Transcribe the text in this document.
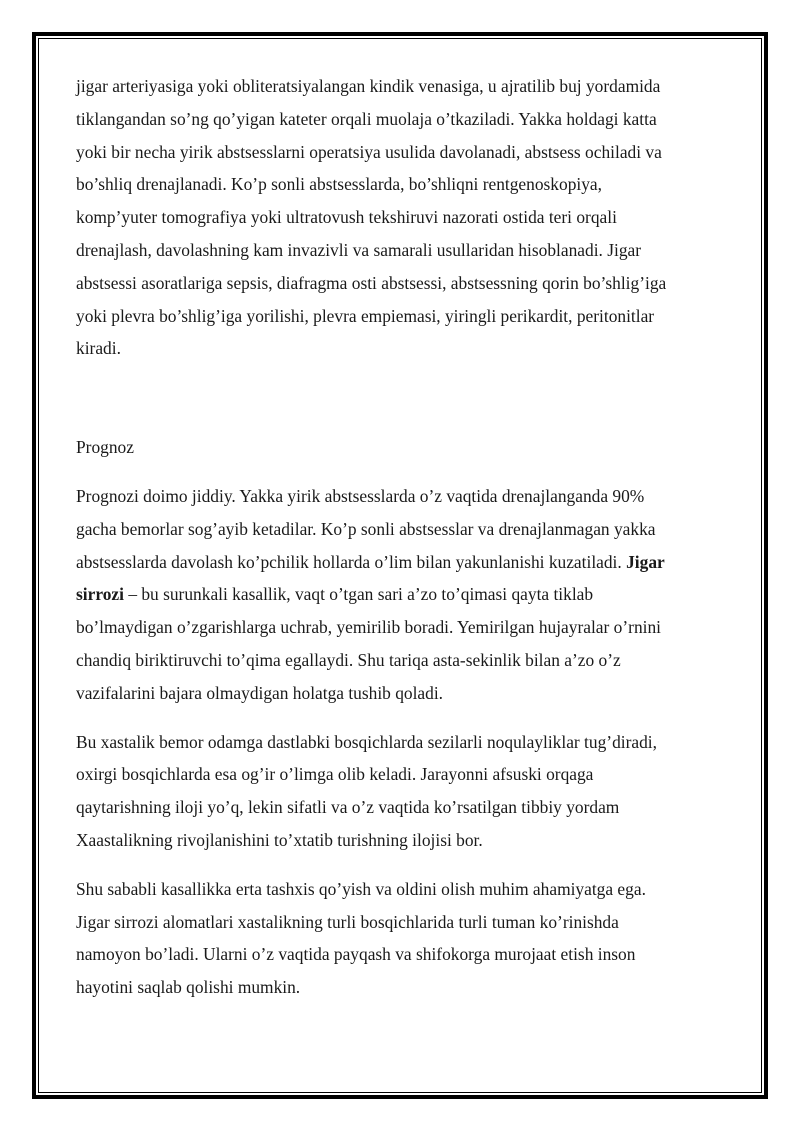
jigar arteriyasiga yoki obliteratsiyalangan kindik venasiga, u ajratilib buj yordamida
tiklangandan so’ng qo’yigan kateter orqali muolaja o’tkaziladi. Yakka holdagi katta
yoki bir necha yirik abstsesslarni operatsiya usulida davolanadi, abstsess ochiladi va
bo’shliq drenajlanadi. Ko’p sonli abstsesslarda, bo’shliqni rentgenoskopiya,
komp’yuter tomografiya yoki ultratovush tekshiruvi nazorati ostida teri orqali
drenajlash, davolashning kam invazivli va samarali usullaridan hisoblanadi. Jigar
abstsessi asoratlariga sepsis, diafragma osti abstsessi, abstsessning qorin bo’shlig’iga
yoki plevra bo’shlig’iga yorilishi, plevra empiemasi, yiringli perikardit, peritonitlar
kiradi.

Prognoz

Prognozi doimo jiddiy. Yakka yirik abstsesslarda o’z vaqtida drenajlanganda 90%
gacha bemorlar sog’ayib ketadilar. Ko’p sonli abstsesslar va drenajlanmagan yakka
abstsesslarda davolash ko’pchilik hollarda o’lim bilan yakunlanishi kuzatiladi. Jigar
sirrozi – bu surunkali kasallik, vaqt o’tgan sari a’zo to’qimasi qayta tiklab
bo’lmaydigan o’zgarishlarga uchrab, yemirilib boradi. Yemirilgan hujayralar o’rnini
chandiq biriktiruvchi to’qima egallaydi. Shu tariqa asta-sekinlik bilan a’zo o’z
vazifalarini bajara olmaydigan holatga tushib qoladi.

Bu xastalik bemor odamga dastlabki bosqichlarda sezilarli noqulayliklar tug’diradi,
oxirgi bosqichlarda esa og’ir o’limga olib keladi. Jarayonni afsuski orqaga
qaytarishning iloji yo’q, lekin sifatli va o’z vaqtida ko’rsatilgan tibbiy yordam
Xaastalikning rivojlanishini to’xtatib turishning ilojisi bor.

Shu sababli kasallikka erta tashxis qo’yish va oldini olish muhim ahamiyatga ega.
Jigar sirrozi alomatlari xastalikning turli bosqichlarida turli tuman ko’rinishda
namoyon bo’ladi. Ularni o’z vaqtida payqash va shifokorga murojaat etish inson
hayotini saqlab qolishi mumkin.
